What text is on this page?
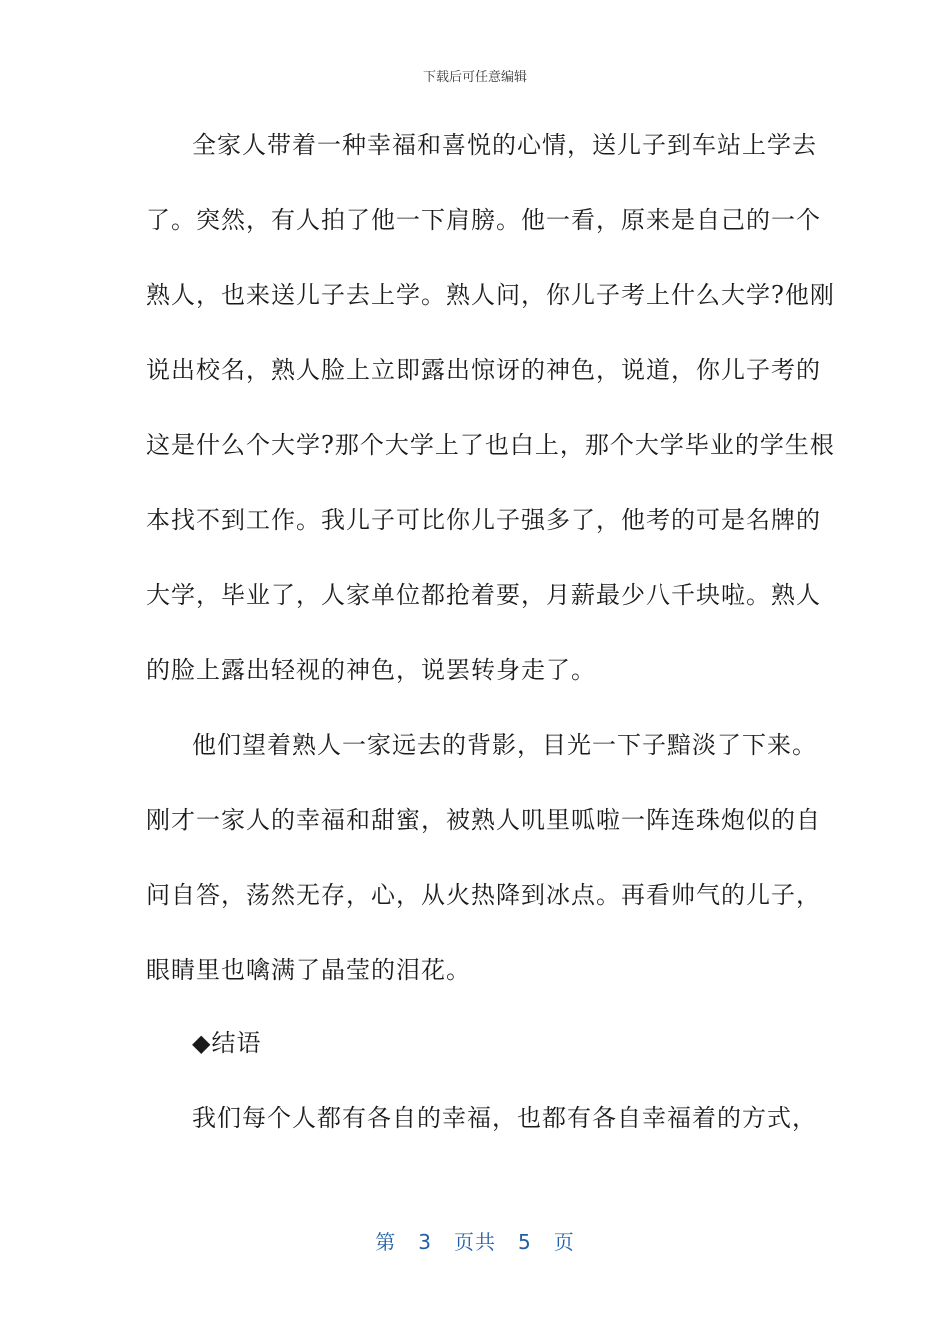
下载后可任意编辑
全家人带着一种幸福和喜悦的心情，送儿子到车站上学去
了。突然，有人拍了他一下肩膀。他一看，原来是自己的一个
熟人，也来送儿子去上学。熟人问，你儿子考上什么大学?他刚
说出校名，熟人脸上立即露出惊讶的神色，说道，你儿子考的
这是什么个大学?那个大学上了也白上，那个大学毕业的学生根
本找不到工作。我儿子可比你儿子强多了，他考的可是名牌的
大学，毕业了，人家单位都抢着要，月薪最少八千块啦。熟人
的脸上露出轻视的神色，说罢转身走了。
他们望着熟人一家远去的背影，目光一下子黯淡了下来。
刚才一家人的幸福和甜蜜，被熟人叽里呱啦一阵连珠炮似的自
问自答，荡然无存，心，从火热降到冰点。再看帅气的儿子，
眼睛里也噙满了晶莹的泪花。
◆结语
我们每个人都有各自的幸福，也都有各自幸福着的方式，
第 3 页共 5 页
